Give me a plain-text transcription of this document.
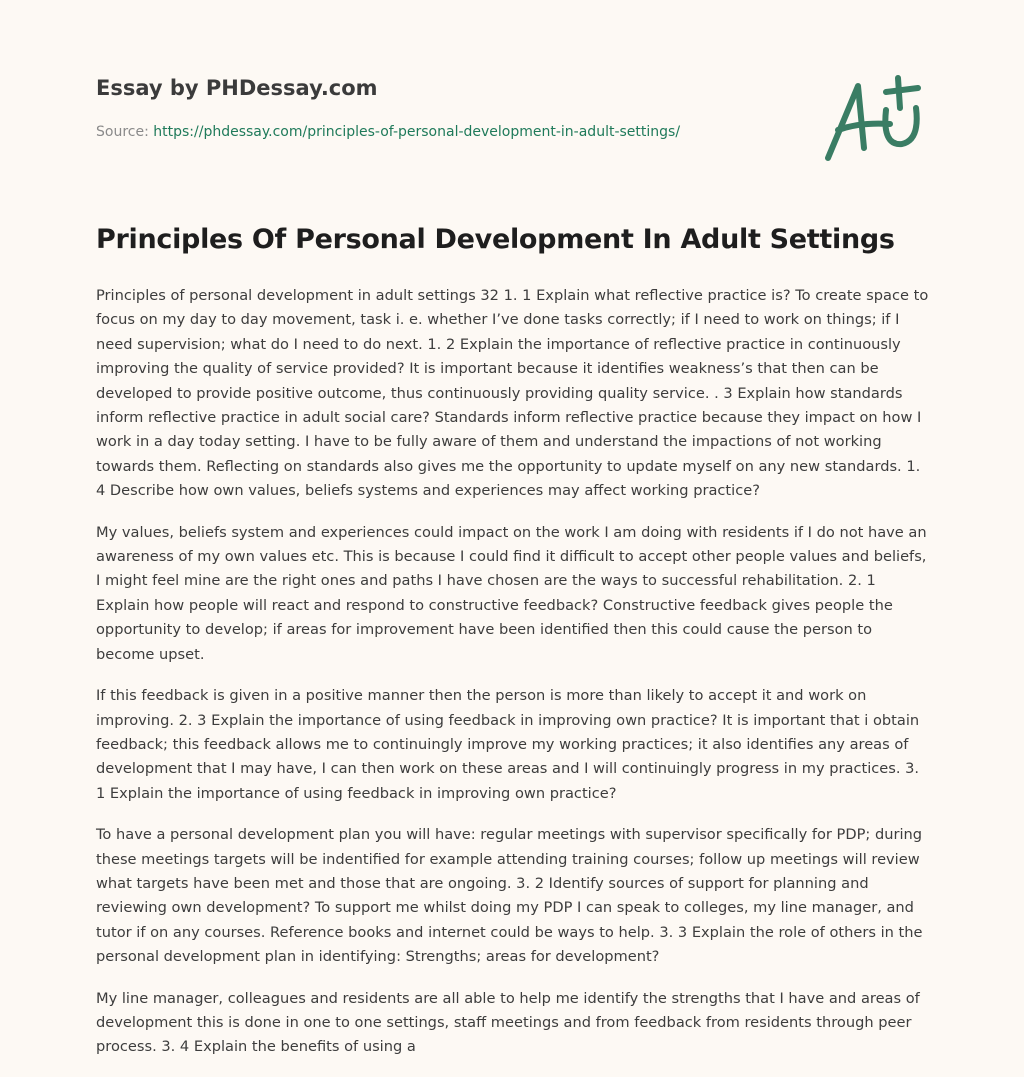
Essay by PHDessay.com

Source: https://phdessay.com/principles-of-personal-development-in-adult-settings/
Principles Of Personal Development In Adult Settings

Principles of personal development in adult settings 32 1. 1 Explain what reflective practice is? To create space to focus on my day to day movement, task i. e. whether I’ve done tasks correctly; if I need to work on things; if I need supervision; what do I need to do next. 1. 2 Explain the importance of reflective practice in continuously improving the quality of service provided? It is important because it identifies weakness’s that then can be developed to provide positive outcome, thus continuously providing quality service. . 3 Explain how standards inform reflective practice in adult social care? Standards inform reflective practice because they impact on how I work in a day today setting. I have to be fully aware of them and understand the impactions of not working towards them. Reflecting on standards also gives me the opportunity to update myself on any new standards. 1. 4 Describe how own values, beliefs systems and experiences may affect working practice?

My values, beliefs system and experiences could impact on the work I am doing with residents if I do not have an awareness of my own values etc. This is because I could find it difficult to accept other people values and beliefs, I might feel mine are the right ones and paths I have chosen are the ways to successful rehabilitation. 2. 1 Explain how people will react and respond to constructive feedback? Constructive feedback gives people the opportunity to develop; if areas for improvement have been identified then this could cause the person to become upset.

If this feedback is given in a positive manner then the person is more than likely to accept it and work on improving. 2. 3 Explain the importance of using feedback in improving own practice? It is important that i obtain feedback; this feedback allows me to continuingly improve my working practices; it also identifies any areas of development that I may have, I can then work on these areas and I will continuingly progress in my practices. 3. 1 Explain the importance of using feedback in improving own practice?

To have a personal development plan you will have: regular meetings with supervisor specifically for PDP; during these meetings targets will be indentified for example attending training courses; follow up meetings will review what targets have been met and those that are ongoing. 3. 2 Identify sources of support for planning and reviewing own development? To support me whilst doing my PDP I can speak to colleges, my line manager, and tutor if on any courses. Reference books and internet could be ways to help. 3. 3 Explain the role of others in the personal development plan in identifying: Strengths; areas for development?

My line manager, colleagues and residents are all able to help me identify the strengths that I have and areas of development this is done in one to one settings, staff meetings and from feedback from residents through peer process. 3. 4 Explain the benefits of using a
